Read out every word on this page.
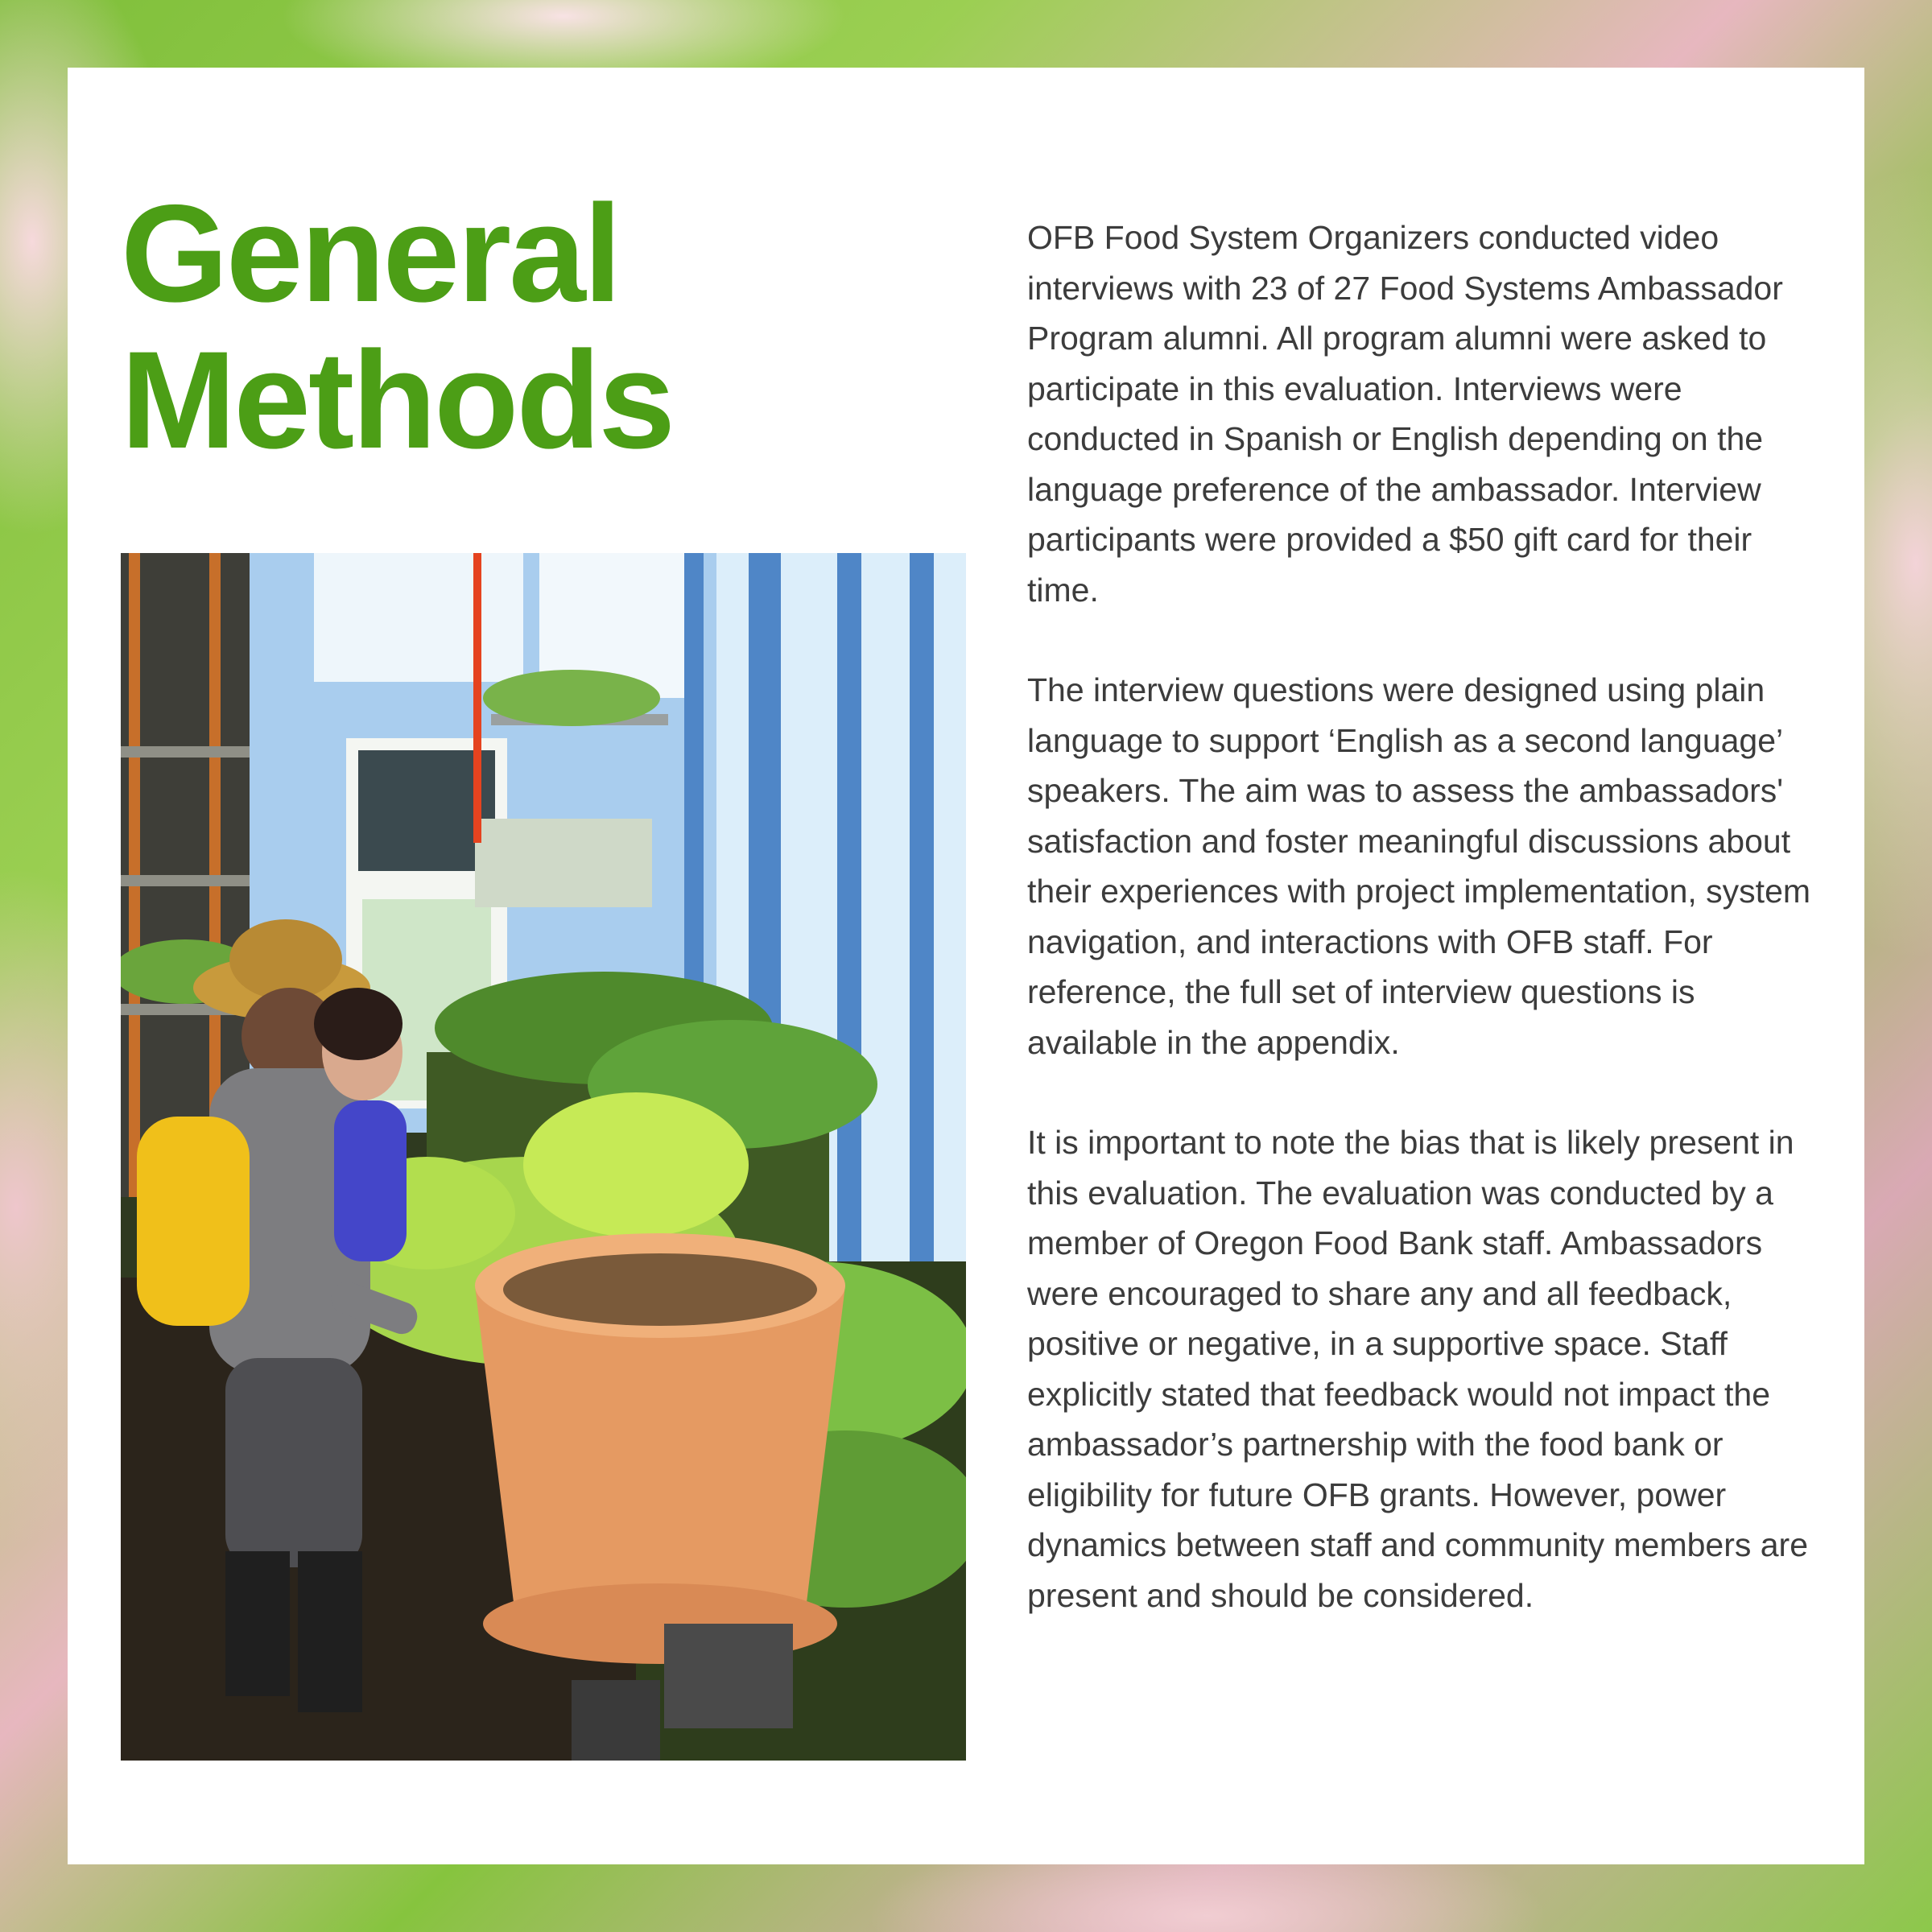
General
Methods

OFB Food System Organizers conducted video interviews with 23 of 27 Food Systems Ambassador Program alumni. All program alumni were asked to participate in this evaluation. Interviews were conducted in Spanish or English depending on the language preference of the ambassador. Interview participants were provided a $50 gift card for their time.

The interview questions were designed using plain language to support ‘English as a second language’ speakers. The aim was to assess the ambassadors' satisfaction and foster meaningful discussions about their experiences with project implementation, system navigation, and interactions with OFB staff. For reference, the full set of interview questions is available in the appendix.

It is important to note the bias that is likely present in this evaluation. The evaluation was conducted by a member of Oregon Food Bank staff. Ambassadors were encouraged to share any and all feedback, positive or negative, in a supportive space. Staff explicitly stated that feedback would not impact the ambassador’s partnership with the food bank or eligibility for future OFB grants. However, power dynamics between staff and community members are present and should be considered.
